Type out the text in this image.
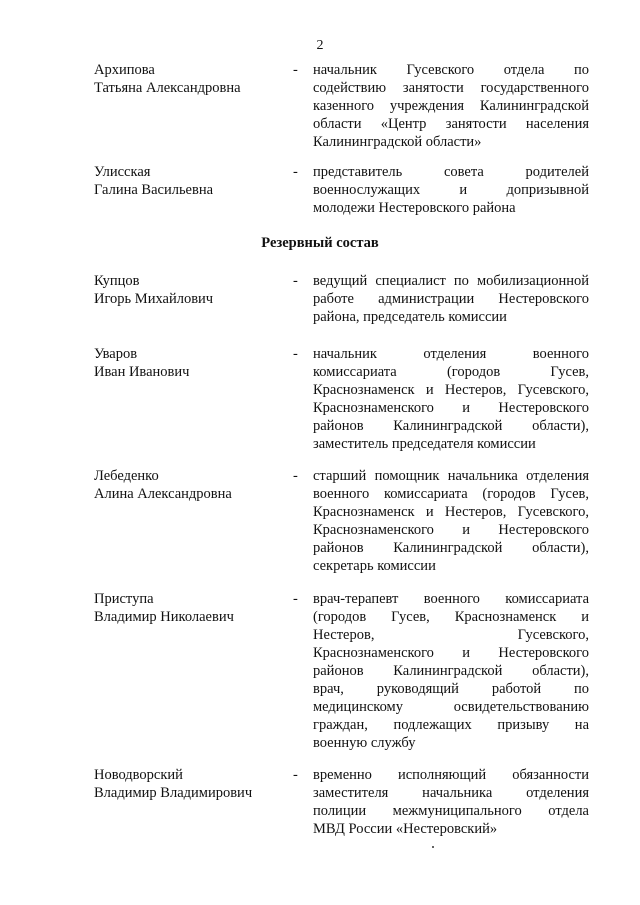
2
Архипова
Татьяна Александровна
- начальник Гусевского отдела по
содействию занятости государственного
казенного учреждения Калининградской
области «Центр занятости населения
Калининградской области»
Улисская
Галина Васильевна
- представитель совета родителей
военнослужащих и допризывной
молодежи Нестеровского района
Резервный состав
Купцов
Игорь Михайлович
- ведущий специалист по мобилизационной
работе администрации Нестеровского
района, председатель комиссии
Уваров
Иван Иванович
- начальник отделения военного
комиссариата (городов Гусев,
Краснознаменск и Нестеров, Гусевского,
Краснознаменского и Нестеровского
районов Калининградской области),
заместитель председателя комиссии
Лебеденко
Алина Александровна
- старший помощник начальника отделения
военного комиссариата (городов Гусев,
Краснознаменск и Нестеров, Гусевского,
Краснознаменского и Нестеровского
районов Калининградской области),
секретарь комиссии
Приступа
Владимир Николаевич
- врач-терапевт военного комиссариата
(городов Гусев, Краснознаменск и
Нестеров, Гусевского,
Краснознаменского и Нестеровского
районов Калининградской области),
врач, руководящий работой по
медицинскому освидетельствованию
граждан, подлежащих призыву на
военную службу
Новодворский
Владимир Владимирович
- временно исполняющий обязанности
заместителя начальника отделения
полиции межмуниципального отдела
МВД России «Нестеровский»
